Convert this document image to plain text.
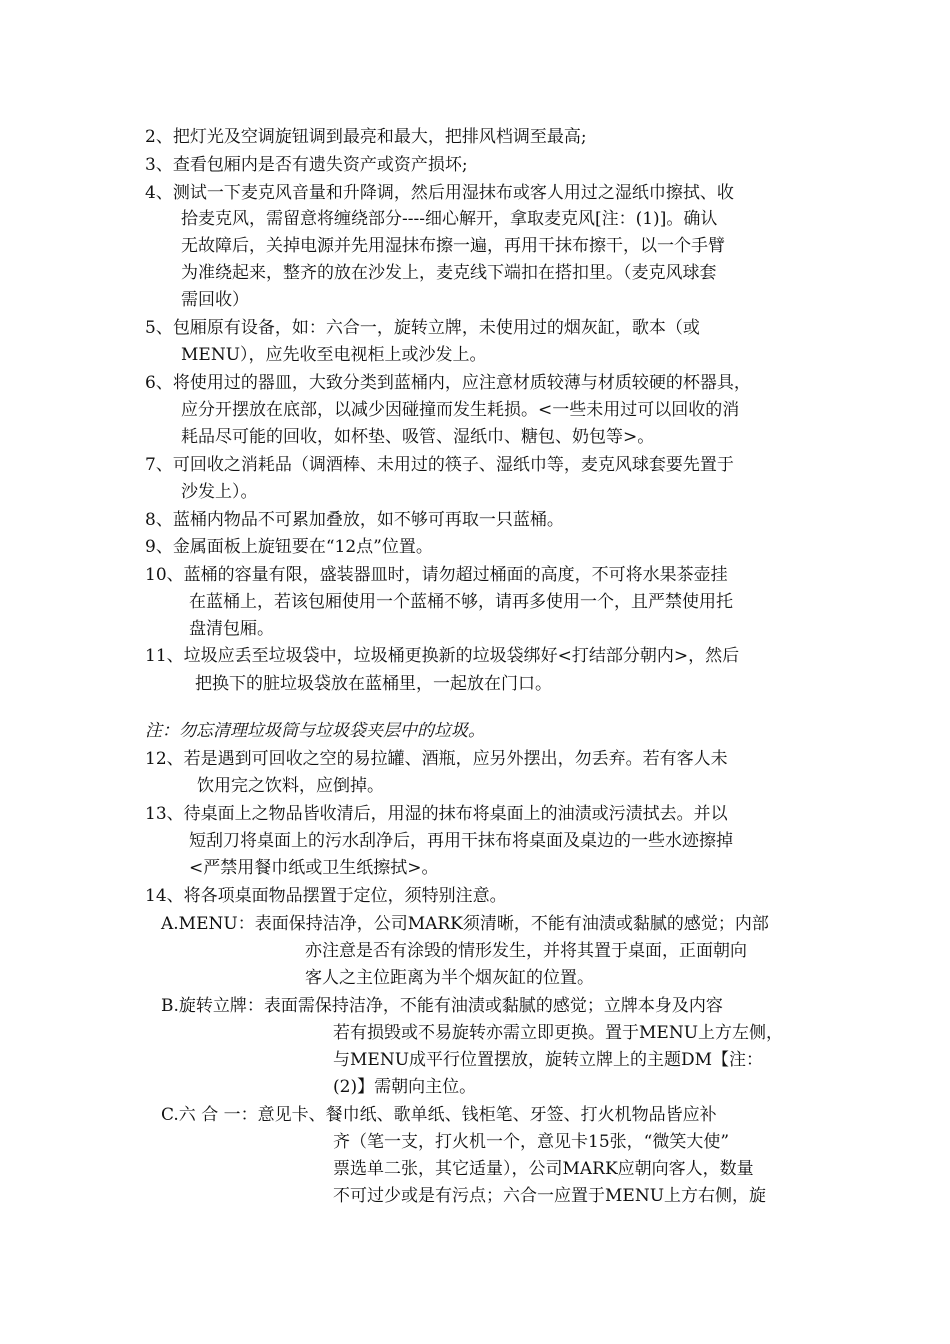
2、把灯光及空调旋钮调到最亮和最大，把排风档调至最高;
3、查看包厢内是否有遗失资产或资产损坏;
4、测试一下麦克风音量和升降调，然后用湿抹布或客人用过之湿纸巾擦拭、收
拾麦克风，需留意将缠绕部分----细心解开，拿取麦克风[注：(1)]。确认
无故障后，关掉电源并先用湿抹布擦一遍，再用干抹布擦干，以一个手臂
为准绕起来，整齐的放在沙发上，麦克线下端扣在搭扣里。（麦克风球套
需回收）
5、包厢原有设备，如：六合一，旋转立牌，未使用过的烟灰缸，歌本（或
MENU），应先收至电视柜上或沙发上。
6、将使用过的器皿，大致分类到蓝桶内，应注意材质较薄与材质较硬的杯器具，
应分开摆放在底部，以减少因碰撞而发生耗损。<一些未用过可以回收的消
耗品尽可能的回收，如杯垫、吸管、湿纸巾、糖包、奶包等>。
7、可回收之消耗品（调酒棒、未用过的筷子、湿纸巾等，麦克风球套要先置于
沙发上）。
8、蓝桶内物品不可累加叠放，如不够可再取一只蓝桶。
9、金属面板上旋钮要在“12点”位置。
10、蓝桶的容量有限，盛装器皿时，请勿超过桶面的高度，不可将水果茶壶挂
在蓝桶上，若该包厢使用一个蓝桶不够，请再多使用一个，且严禁使用托
盘清包厢。
11、垃圾应丢至垃圾袋中，垃圾桶更换新的垃圾袋绑好<打结部分朝内>，然后
把换下的脏垃圾袋放在蓝桶里，一起放在门口。
注：勿忘清理垃圾筒与垃圾袋夹层中的垃圾。
12、若是遇到可回收之空的易拉罐、酒瓶，应另外摆出，勿丢弃。若有客人未
饮用完之饮料，应倒掉。
13、待桌面上之物品皆收清后，用湿的抹布将桌面上的油渍或污渍拭去。并以
短刮刀将桌面上的污水刮净后，再用干抹布将桌面及桌边的一些水迹擦掉
<严禁用餐巾纸或卫生纸擦拭>。
14、将各项桌面物品摆置于定位，须特别注意。
A.MENU：表面保持洁净，公司MARK须清晰，不能有油渍或黏腻的感觉；内部
亦注意是否有涂毁的情形发生，并将其置于桌面，正面朝向
客人之主位距离为半个烟灰缸的位置。
B.旋转立牌：表面需保持洁净，不能有油渍或黏腻的感觉；立牌本身及内容
若有损毁或不易旋转亦需立即更换。置于MENU上方左侧，
与MENU成平行位置摆放，旋转立牌上的主题DM【注：
(2)】需朝向主位。
C.六 合 一：意见卡、餐巾纸、歌单纸、钱柜笔、牙签、打火机物品皆应补
齐（笔一支，打火机一个，意见卡15张，“微笑大使”
票选单二张，其它适量），公司MARK应朝向客人，数量
不可过少或是有污点；六合一应置于MENU上方右侧，旋
